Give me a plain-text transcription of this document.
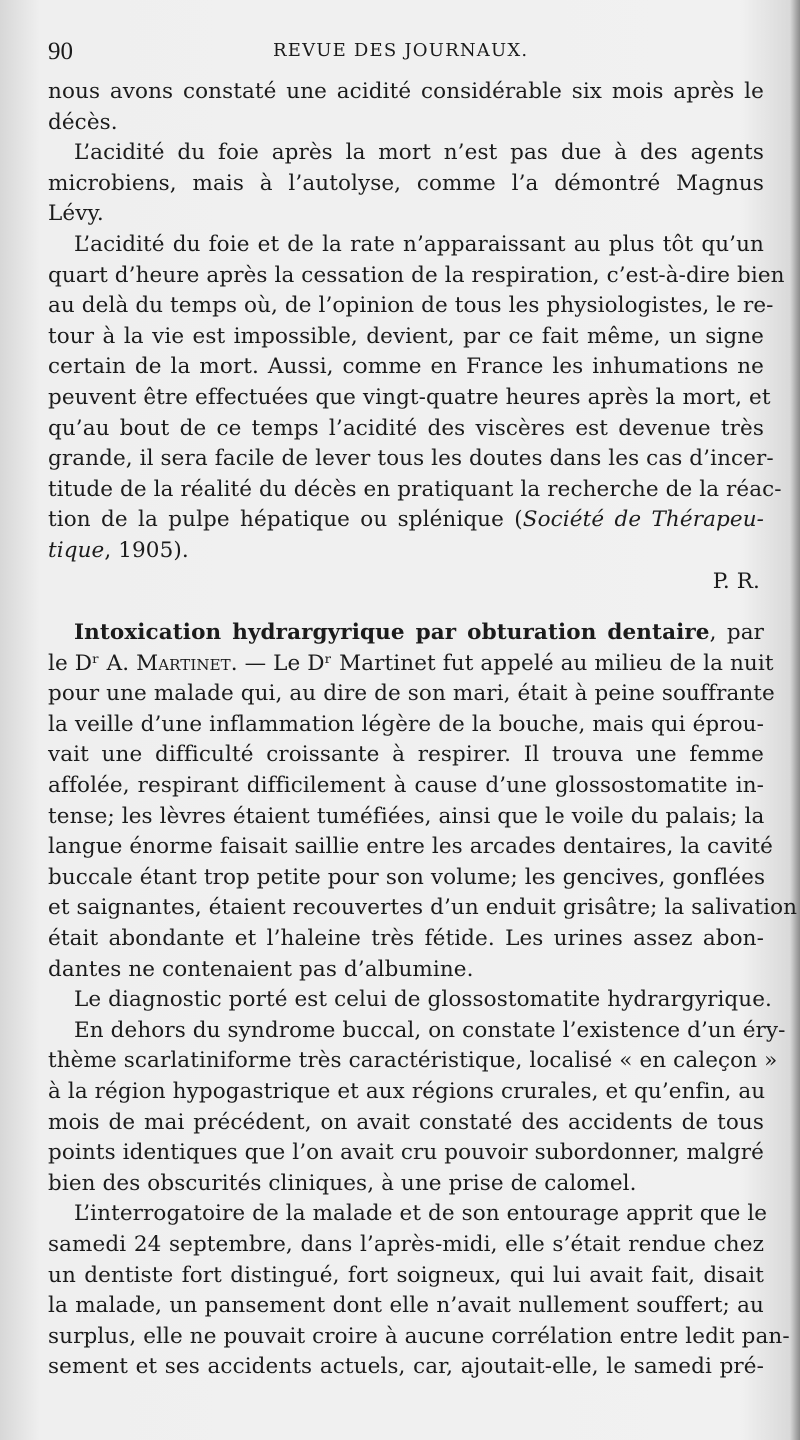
90	REVUE DES JOURNAUX.
nous avons constaté une acidité considérable six mois après le
décès.
L’acidité du foie après la mort n’est pas due à des agents
microbiens, mais à l’autolyse, comme l’a démontré Magnus
Lévy.
L’acidité du foie et de la rate n’apparaissant au plus tôt qu’un
quart d’heure après la cessation de la respiration, c’est-à-dire bien
au delà du temps où, de l’opinion de tous les physiologistes, le re-
tour à la vie est impossible, devient, par ce fait même, un signe
certain de la mort. Aussi, comme en France les inhumations ne
peuvent être effectuées que vingt-quatre heures après la mort, et
qu’au bout de ce temps l’acidité des viscères est devenue très
grande, il sera facile de lever tous les doutes dans les cas d’incer-
titude de la réalité du décès en pratiquant la recherche de la réac-
tion de la pulpe hépatique ou splénique (Société de Thérapeu-
tique, 1905).
P. R.
Intoxication hydrargyrique par obturation dentaire, par
le Dʳ A. Martinet. — Le Dʳ Martinet fut appelé au milieu de la nuit
pour une malade qui, au dire de son mari, était à peine souffrante
la veille d’une inflammation légère de la bouche, mais qui éprou-
vait une difficulté croissante à respirer. Il trouva une femme
affolée, respirant difficilement à cause d’une glossostomatite in-
tense; les lèvres étaient tuméfiées, ainsi que le voile du palais; la
langue énorme faisait saillie entre les arcades dentaires, la cavité
buccale étant trop petite pour son volume; les gencives, gonflées
et saignantes, étaient recouvertes d’un enduit grisâtre; la salivation
était abondante et l’haleine très fétide. Les urines assez abon-
dantes ne contenaient pas d’albumine.
Le diagnostic porté est celui de glossostomatite hydrargyrique.
En dehors du syndrome buccal, on constate l’existence d’un éry-
thème scarlatiniforme très caractéristique, localisé « en caleçon »
à la région hypogastrique et aux régions crurales, et qu’enfin, au
mois de mai précédent, on avait constaté des accidents de tous
points identiques que l’on avait cru pouvoir subordonner, malgré
bien des obscurités cliniques, à une prise de calomel.
L’interrogatoire de la malade et de son entourage apprit que le
samedi 24 septembre, dans l’après-midi, elle s’était rendue chez
un dentiste fort distingué, fort soigneux, qui lui avait fait, disait
la malade, un pansement dont elle n’avait nullement souffert; au
surplus, elle ne pouvait croire à aucune corrélation entre ledit pan-
sement et ses accidents actuels, car, ajoutait-elle, le samedi pré-
